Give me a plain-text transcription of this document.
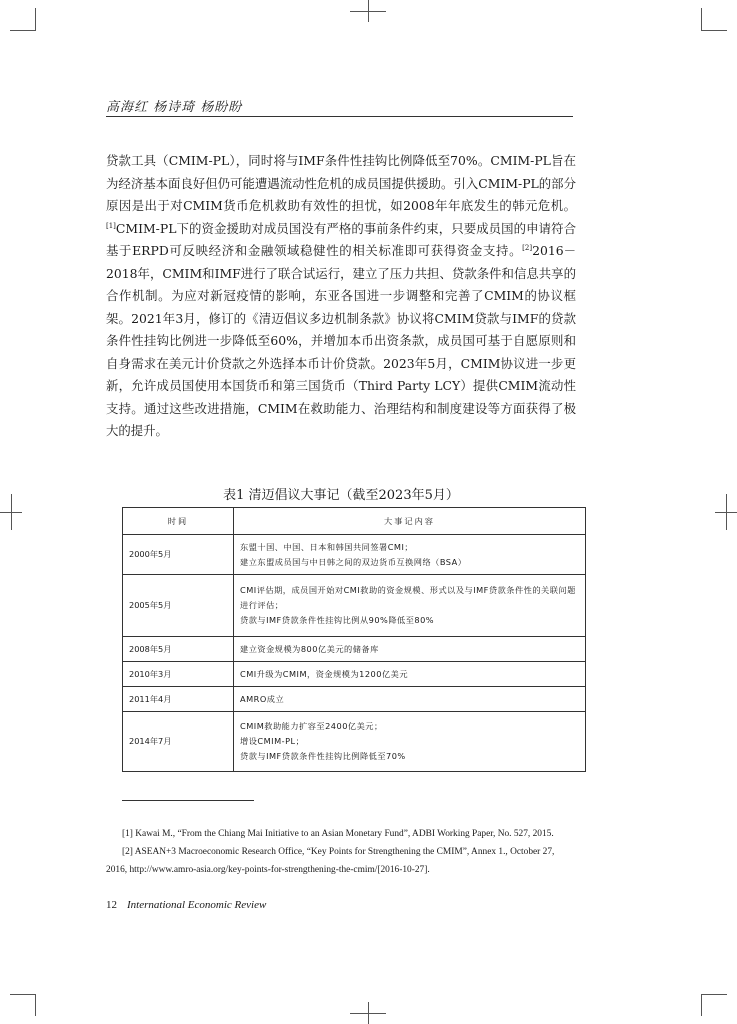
高海红 杨诗琦 杨盼盼
贷款工具（CMIM-PL），同时将与IMF条件性挂钩比例降低至70%。CMIM-PL旨在为经济基本面良好但仍可能遭遇流动性危机的成员国提供援助。引入CMIM-PL的部分原因是出于对CMIM货币危机救助有效性的担忧，如2008年年底发生的韩元危机。[1]CMIM-PL下的资金援助对成员国没有严格的事前条件约束，只要成员国的申请符合基于ERPD可反映经济和金融领域稳健性的相关标准即可获得资金支持。[2]2016－2018年，CMIM和IMF进行了联合试运行，建立了压力共担、贷款条件和信息共享的合作机制。为应对新冠疫情的影响，东亚各国进一步调整和完善了CMIM的协议框架。2021年3月，修订的《清迈倡议多边机制条款》协议将CMIM贷款与IMF的贷款条件性挂钩比例进一步降低至60%，并增加本币出资条款，成员国可基于自愿原则和自身需求在美元计价贷款之外选择本币计价贷款。2023年5月，CMIM协议进一步更新，允许成员国使用本国货币和第三国货币（Third Party LCY）提供CMIM流动性支持。通过这些改进措施，CMIM在救助能力、治理结构和制度建设等方面获得了极大的提升。
表1 清迈倡议大事记（截至2023年5月）
时间	大事记内容
2000年5月	东盟十国、中国、日本和韩国共同签署CMI；
建立东盟成员国与中日韩之间的双边货币互换网络（BSA）

2005年5月	CMI评估期，成员国开始对CMI救助的资金规模、形式以及与IMF贷款条件性的关联问题进行评估；
贷款与IMF贷款条件性挂钩比例从90%降低至80%

2008年5月	建立资金规模为800亿美元的储备库

2010年3月	CMI升级为CMIM，资金规模为1200亿美元

2011年4月	AMRO成立

2014年7月	CMIM救助能力扩容至2400亿美元；
增设CMIM-PL；
贷款与IMF贷款条件性挂钩比例降低至70%
[1] Kawai M., “From the Chiang Mai Initiative to an Asian Monetary Fund”, ADBI Working Paper, No. 527, 2015.
[2] ASEAN+3 Macroeconomic Research Office, “Key Points for Strengthening the CMIM”, Annex 1., October 27, 2016, http://www.amro-asia.org/key-points-for-strengthening-the-cmim/[2016-10-27].
12 International Economic Review
